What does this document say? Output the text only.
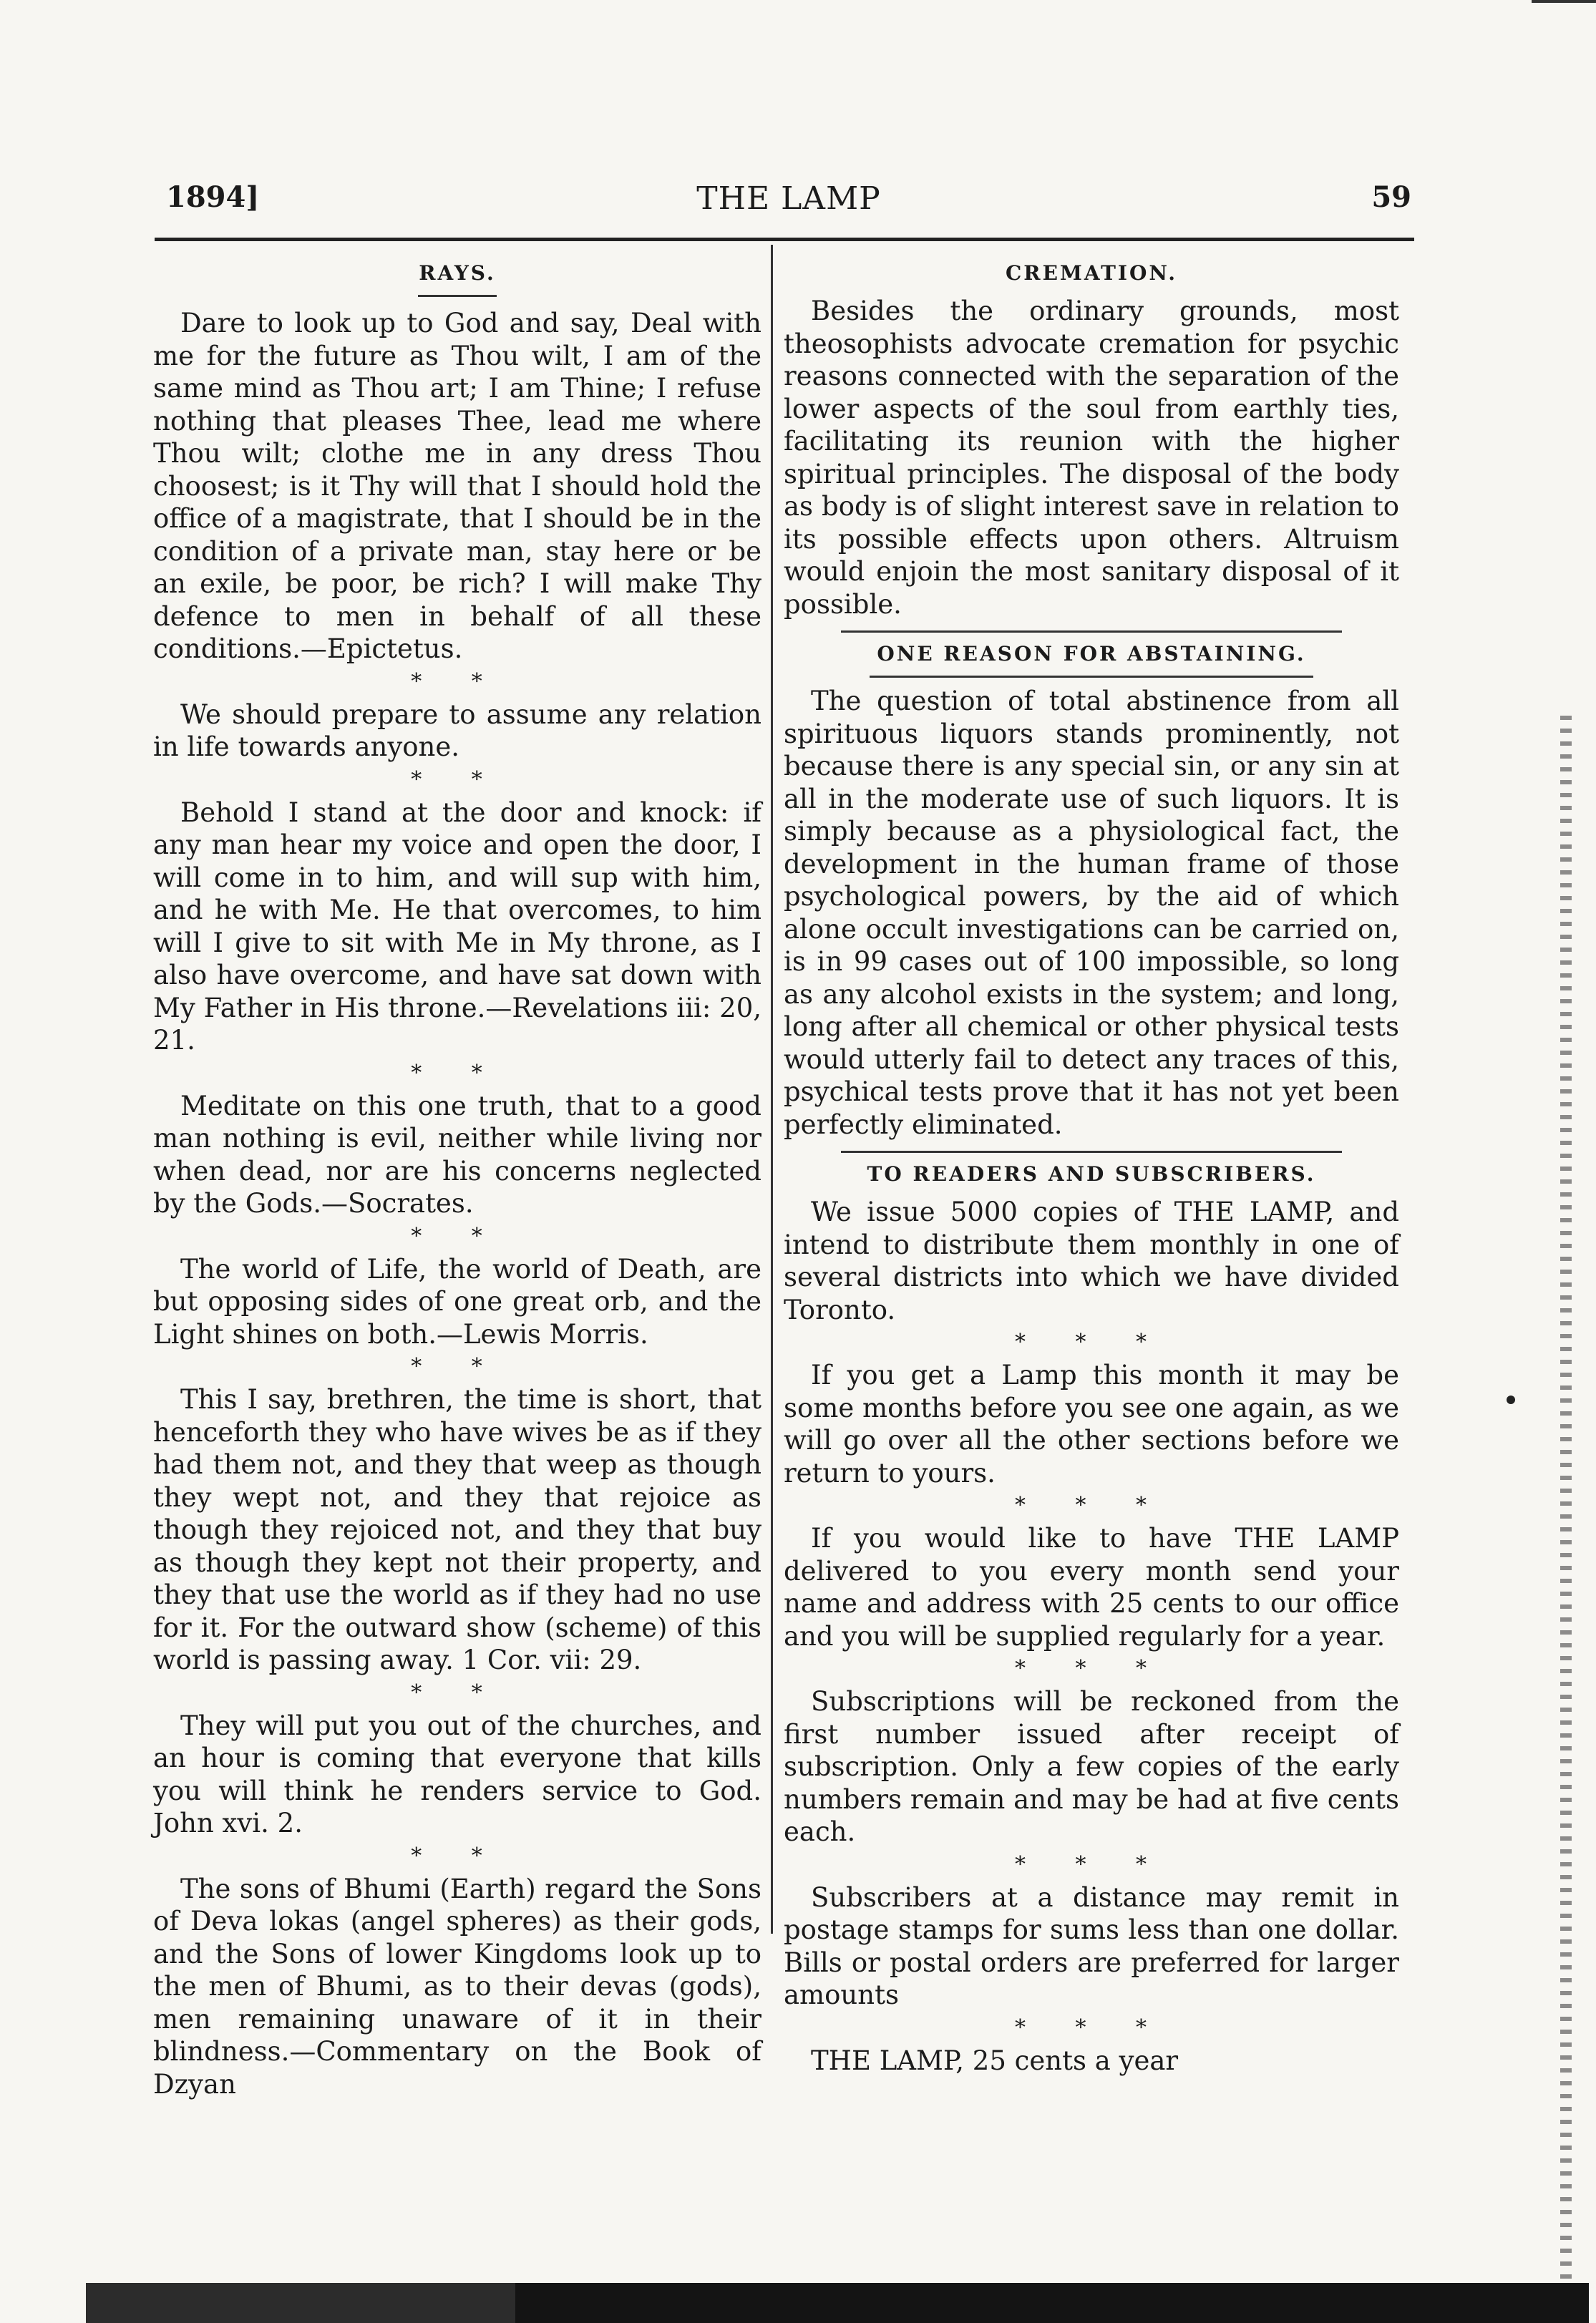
1894]	THE LAMP	59
RAYS.

Dare to look up to God and say, Deal with me for the future as Thou wilt, I am of the same mind as Thou art; I am Thine; I refuse nothing that pleases Thee, lead me where Thou wilt; clothe me in any dress Thou choosest; is it Thy will that I should hold the office of a magistrate, that I should be in the condition of a private man, stay here or be an exile, be poor, be rich? I will make Thy defence to men in behalf of all these conditions.—Epictetus.

* *

We should prepare to assume any relation in life towards anyone.

* *

Behold I stand at the door and knock: if any man hear my voice and open the door, I will come in to him, and will sup with him, and he with Me. He that overcomes, to him will I give to sit with Me in My throne, as I also have overcome, and have sat down with My Father in His throne.—Revelations iii: 20, 21.

* *

Meditate on this one truth, that to a good man nothing is evil, neither while living nor when dead, nor are his concerns neglected by the Gods.—Socrates.

* *

The world of Life, the world of Death, are but opposing sides of one great orb, and the Light shines on both.—Lewis Morris.

* *

This I say, brethren, the time is short, that henceforth they who have wives be as if they had them not, and they that weep as though they wept not, and they that rejoice as though they rejoiced not, and they that buy as though they kept not their property, and they that use the world as if they had no use for it. For the outward show (scheme) of this world is passing away. 1 Cor. vii: 29.

* *

They will put you out of the churches, and an hour is coming that everyone that kills you will think he renders service to God. John xvi. 2.

* *

The sons of Bhumi (Earth) regard the Sons of Deva lokas (angel spheres) as their gods, and the Sons of lower Kingdoms look up to the men of Bhumi, as to their devas (gods), men remaining unaware of it in their blindness.—Commentary on the Book of Dzyan

CREMATION.

Besides the ordinary grounds, most theosophists advocate cremation for psychic reasons connected with the separation of the lower aspects of the soul from earthly ties, facilitating its reunion with the higher spiritual principles. The disposal of the body as body is of slight interest save in relation to its possible effects upon others. Altruism would enjoin the most sanitary disposal of it possible.

ONE REASON FOR ABSTAINING.

The question of total abstinence from all spirituous liquors stands prominently, not because there is any special sin, or any sin at all in the moderate use of such liquors. It is simply because as a physiological fact, the development in the human frame of those psychological powers, by the aid of which alone occult investigations can be carried on, is in 99 cases out of 100 impossible, so long as any alcohol exists in the system; and long, long after all chemical or other physical tests would utterly fail to detect any traces of this, psychical tests prove that it has not yet been perfectly eliminated.

TO READERS AND SUBSCRIBERS.

We issue 5000 copies of THE LAMP, and intend to distribute them monthly in one of several districts into which we have divided Toronto.

* * *

If you get a Lamp this month it may be some months before you see one again, as we will go over all the other sections before we return to yours.

* * *

If you would like to have THE LAMP delivered to you every month send your name and address with 25 cents to our office and you will be supplied regularly for a year.

* * *

Subscriptions will be reckoned from the first number issued after receipt of subscription. Only a few copies of the early numbers remain and may be had at five cents each.

* * *

Subscribers at a distance may remit in postage stamps for sums less than one dollar. Bills or postal orders are preferred for larger amounts

* * *

THE LAMP, 25 cents a year
